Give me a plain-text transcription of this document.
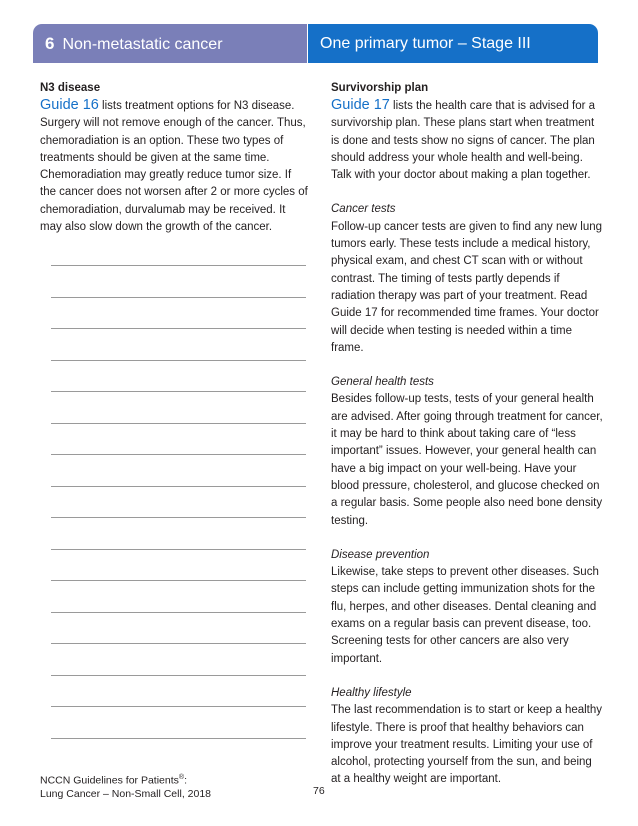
6 Non-metastatic cancer	One primary tumor – Stage III
N3 disease

Guide 16 lists treatment options for N3 disease. Surgery will not remove enough of the cancer. Thus, chemoradiation is an option. These two types of treatments should be given at the same time. Chemoradiation may greatly reduce tumor size. If the cancer does not worsen after 2 or more cycles of chemoradiation, durvalumab may be received. It may also slow down the growth of the cancer.

Survivorship plan

Guide 17 lists the health care that is advised for a survivorship plan. These plans start when treatment is done and tests show no signs of cancer. The plan should address your whole health and well-being. Talk with your doctor about making a plan together.

Cancer tests

Follow-up cancer tests are given to find any new lung tumors early. These tests include a medical history, physical exam, and chest CT scan with or without contrast. The timing of tests partly depends if radiation therapy was part of your treatment. Read Guide 17 for recommended time frames. Your doctor will decide when testing is needed within a time frame.

General health tests

Besides follow-up tests, tests of your general health are advised. After going through treatment for cancer, it may be hard to think about taking care of “less important” issues. However, your general health can have a big impact on your well-being. Have your blood pressure, cholesterol, and glucose checked on a regular basis. Some people also need bone density testing.

Disease prevention

Likewise, take steps to prevent other diseases. Such steps can include getting immunization shots for the flu, herpes, and other diseases. Dental cleaning and exams on a regular basis can prevent disease, too. Screening tests for other cancers are also very important.

Healthy lifestyle

The last recommendation is to start or keep a healthy lifestyle. There is proof that healthy behaviors can improve your treatment results. Limiting your use of alcohol, protecting yourself from the sun, and being at a healthy weight are important.

NCCN Guidelines for Patients®:
Lung Cancer – Non-Small Cell, 2018	76
